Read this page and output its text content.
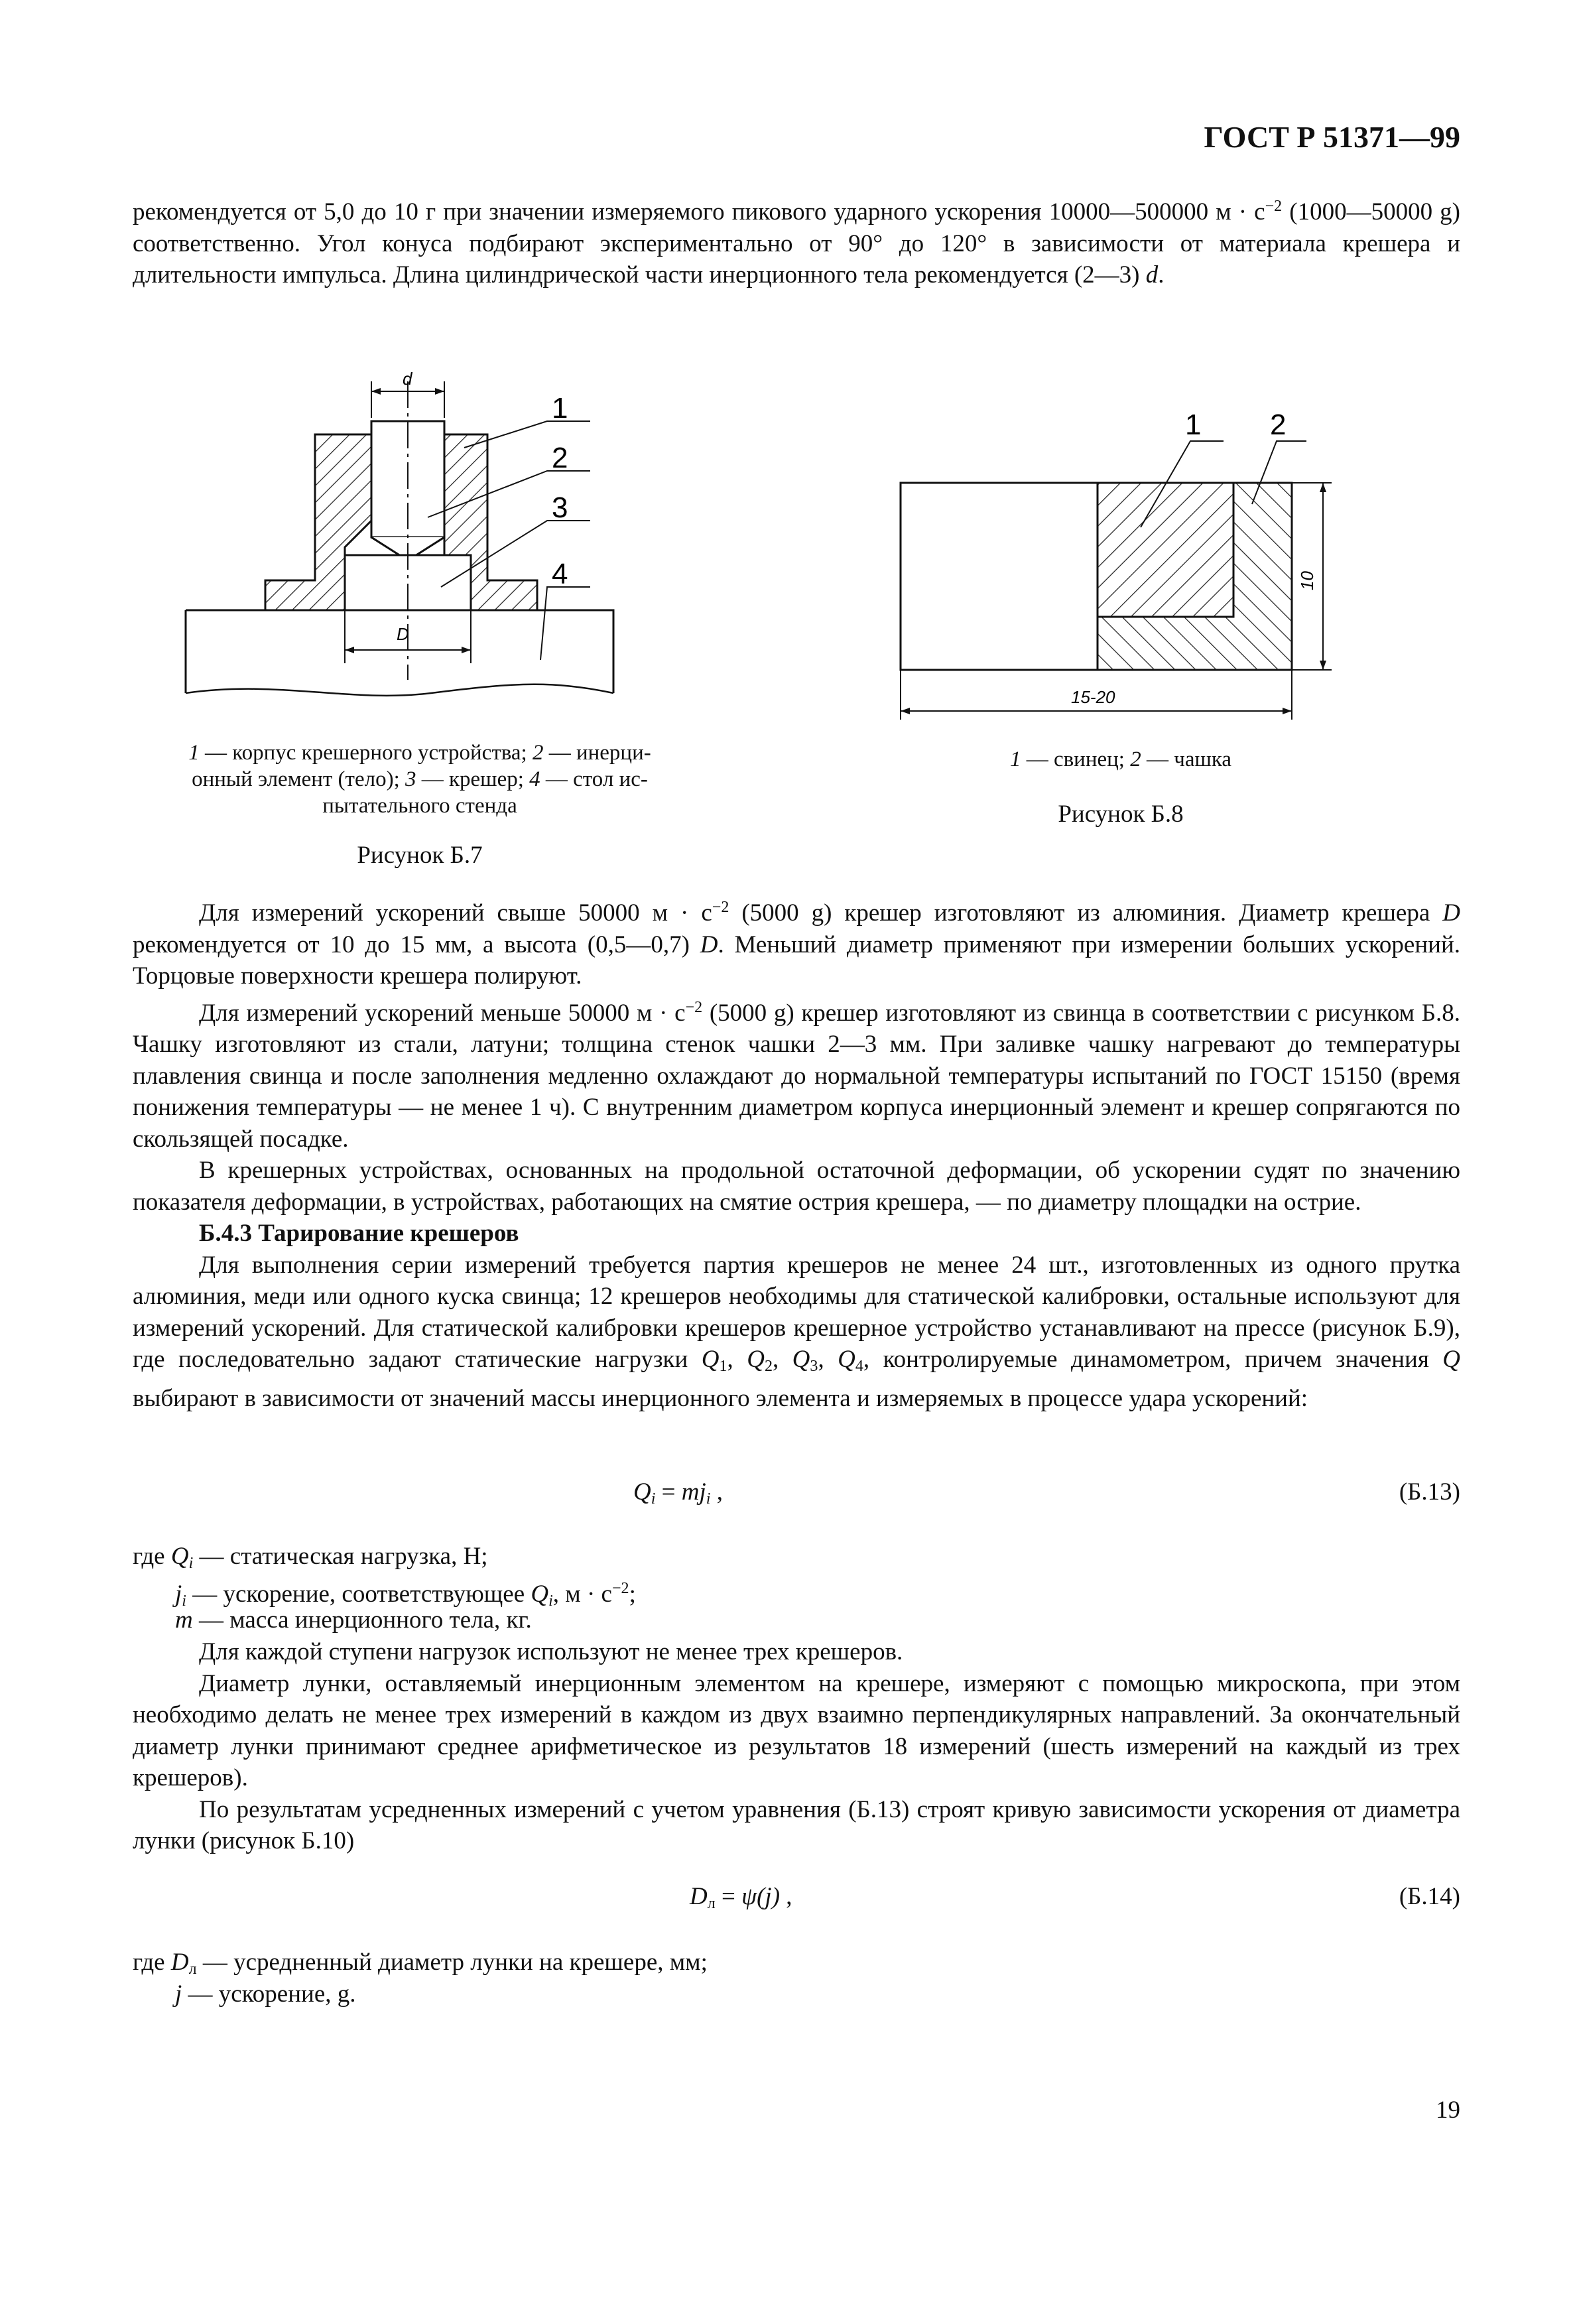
ГОСТ Р 51371—99

рекомендуется от 5,0 до 10 г при значении измеряемого пикового ударного ускорения 10000—500000 $м \cdot с^{-2}$ (1000—50000 g) соответственно. Угол конуса подбирают экспериментально от 90° до 120° в зависимости от материала крешера и длительности импульса. Длина цилиндрической части инерционного тела рекомендуется (2—3) d.

d
D
1
2
3
4
1 — корпус крешерного устройства; 2 — инерци-
онный элемент (тело); 3 — крешер; 4 — стол ис-
пытательного стенда
Рисунок Б.7
1 2
10
15-20
1 — свинец; 2 — чашка
Рисунок Б.8

Для измерений ускорений свыше 50000 $м \cdot с^{-2}$ (5000 g) крешер изготовляют из алюминия. Диаметр крешера D рекомендуется от 10 до 15 мм, а высота (0,5—0,7) D. Меньший диаметр применяют при измерении больших ускорений. Торцовые поверхности крешера полируют.

Для измерений ускорений меньше 50000 $м \cdot с^{-2}$ (5000 g) крешер изготовляют из свинца в соответствии с рисунком Б.8. Чашку изготовляют из стали, латуни; толщина стенок чашки 2—3 мм. При заливке чашку нагревают до температуры плавления свинца и после заполнения медленно охлаждают до нормальной температуры испытаний по ГОСТ 15150 (время понижения температуры — не менее 1 ч). С внутренним диаметром корпуса инерционный элемент и крешер сопрягаются по скользящей посадке.

В крешерных устройствах, основанных на продольной остаточной деформации, об ускорении судят по значению показателя деформации, в устройствах, работающих на смятие острия крешера, — по диаметру площадки на острие.

Б.4.3 Тарирование крешеров

Для выполнения серии измерений требуется партия крешеров не менее 24 шт., изготовленных из одного прутка алюминия, меди или одного куска свинца; 12 крешеров необходимы для статической калибровки, остальные используют для измерений ускорений. Для статической калибровки крешеров крешерное устройство устанавливают на прессе (рисунок Б.9), где последовательно задают статические нагрузки $Q_1$, $Q_2$, $Q_3$, $Q_4$, контролируемые динамометром, причем значения Q выбирают в зависимости от значений массы инерционного элемента и измеряемых в процессе удара ускорений:

$Q_i = mj_i$ ,	(Б.13)
где $Q_i$ — статическая нагрузка, Н;
$j_i$ — ускорение, соответствующее $Q_i$, $м \cdot с^{-2}$;
m — масса инерционного тела, кг.

Для каждой ступени нагрузок используют не менее трех крешеров.

Диаметр лунки, оставляемый инерционным элементом на крешере, измеряют с помощью микроскопа, при этом необходимо делать не менее трех измерений в каждом из двух взаимно перпендикулярных направлений. За окончательный диаметр лунки принимают среднее арифметическое из результатов 18 измерений (шесть измерений на каждый из трех крешеров).

По результатам усредненных измерений с учетом уравнения (Б.13) строят кривую зависимости ускорения от диаметра лунки (рисунок Б.10)

$D_л = \psi(j)$ ,	(Б.14)
где $D_л$ — усредненный диаметр лунки на крешере, мм;
j — ускорение, g.
19
